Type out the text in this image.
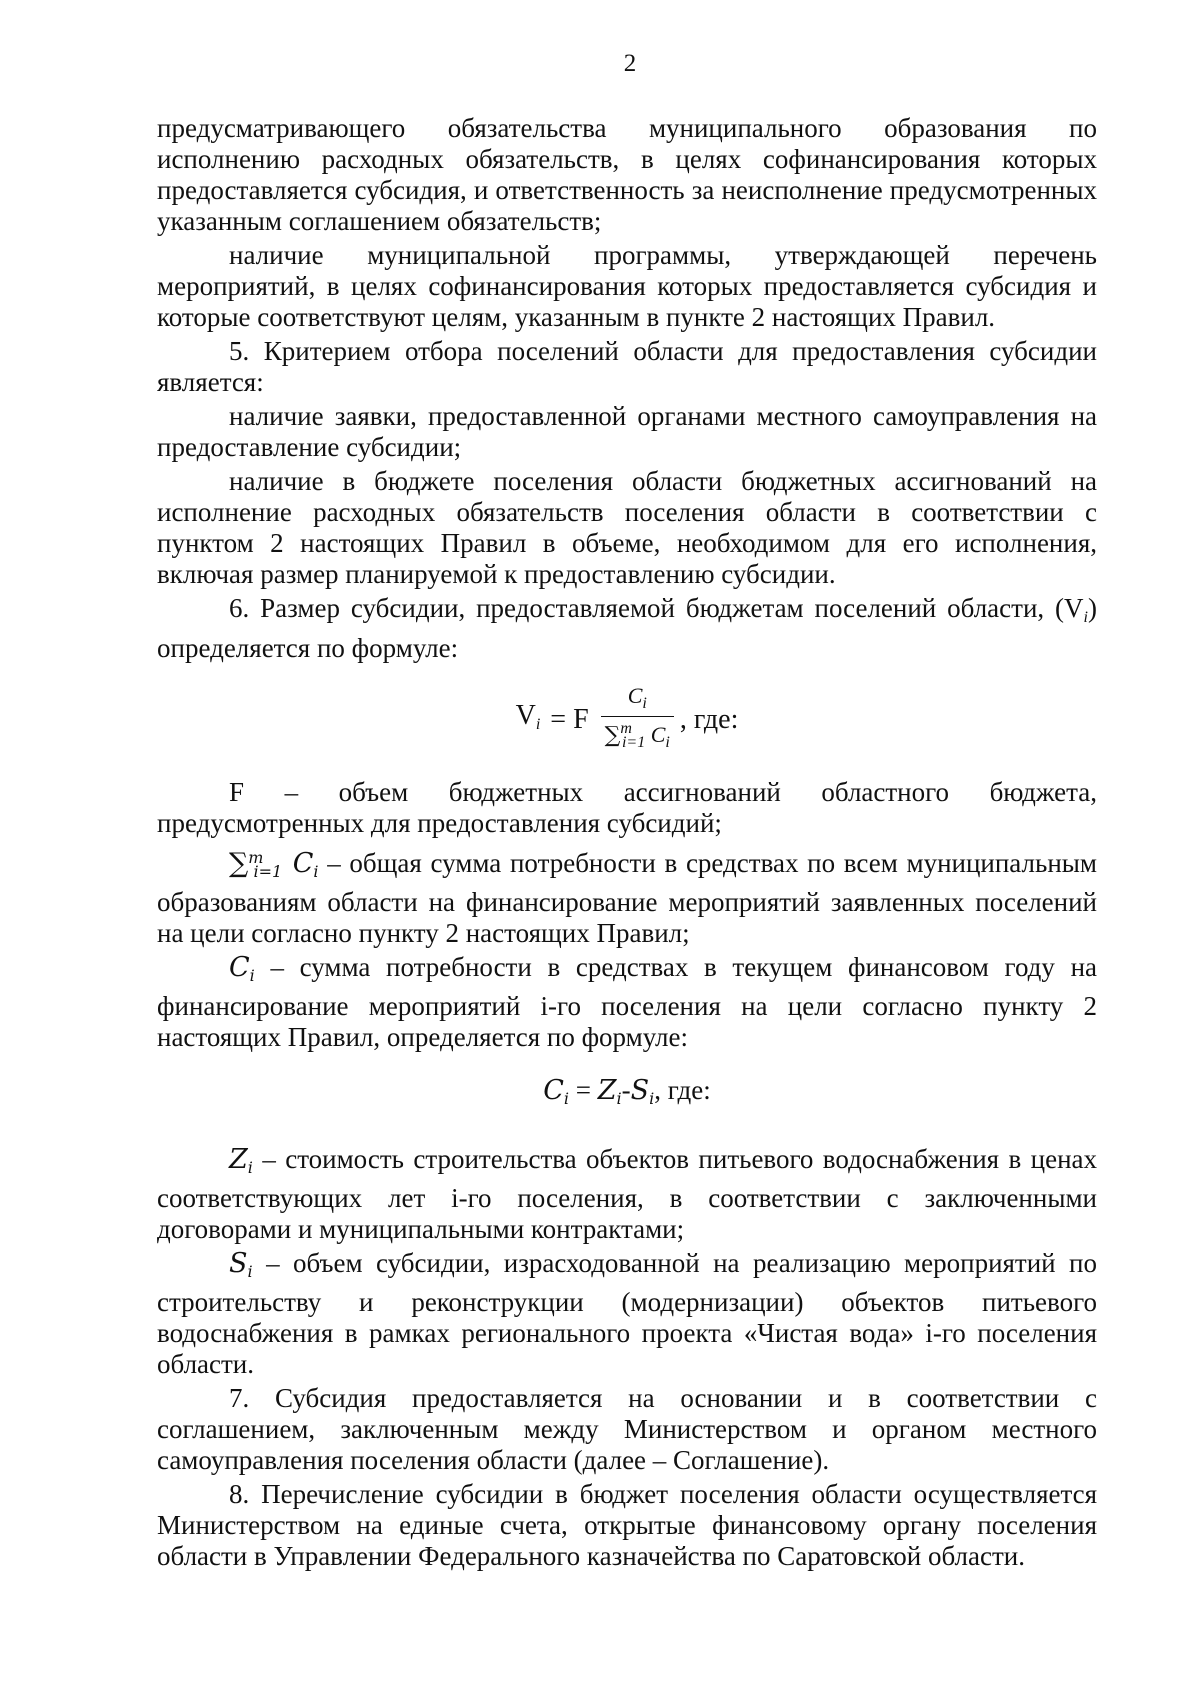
2

предусматривающего обязательства муниципального образования по исполнению расходных обязательств, в целях софинансирования которых предоставляется субсидия, и ответственность за неисполнение предусмотренных указанным соглашением обязательств;

наличие муниципальной программы, утверждающей перечень мероприятий, в целях софинансирования которых предоставляется субсидия и которые соответствуют целям, указанным в пункте 2 настоящих Правил.

5. Критерием отбора поселений области для предоставления субсидии является:

наличие заявки, предоставленной органами местного самоуправления на предоставление субсидии;

наличие в бюджете поселения области бюджетных ассигнований на исполнение расходных обязательств поселения области в соответствии с пунктом 2 настоящих Правил в объеме, необходимом для его исполнения, включая размер планируемой к предоставлению субсидии.

6. Размер субсидии, предоставляемой бюджетам поселений области, $(V_i)$ определяется по формуле:

$V_i = F \frac{C_i}{\sum^m_{i=1} C_i}$ , где:

F – объем бюджетных ассигнований областного бюджета, предусмотренных для предоставления субсидий;

∑$^m_{i=1}$ $C_i$ – общая сумма потребности в средствах по всем муниципальным образованиям области на финансирование мероприятий заявленных поселений на цели согласно пункту 2 настоящих Правил;

$C_i$ – сумма потребности в средствах в текущем финансовом году на финансирование мероприятий i-го поселения на цели согласно пункту 2 настоящих Правил, определяется по формуле:

$C_i = Z_i-S_i$, где:

$Z_i$ – стоимость строительства объектов питьевого водоснабжения в ценах соответствующих лет i-го поселения, в соответствии с заключенными договорами и муниципальными контрактами;

$S_i$ – объем субсидии, израсходованной на реализацию мероприятий по строительству и реконструкции (модернизации) объектов питьевого водоснабжения в рамках регионального проекта «Чистая вода» i-го поселения области.

7. Субсидия предоставляется на основании и в соответствии с соглашением, заключенным между Министерством и органом местного самоуправления поселения области (далее – Соглашение).

8. Перечисление субсидии в бюджет поселения области осуществляется Министерством на единые счета, открытые финансовому органу поселения области в Управлении Федерального казначейства по Саратовской области.
